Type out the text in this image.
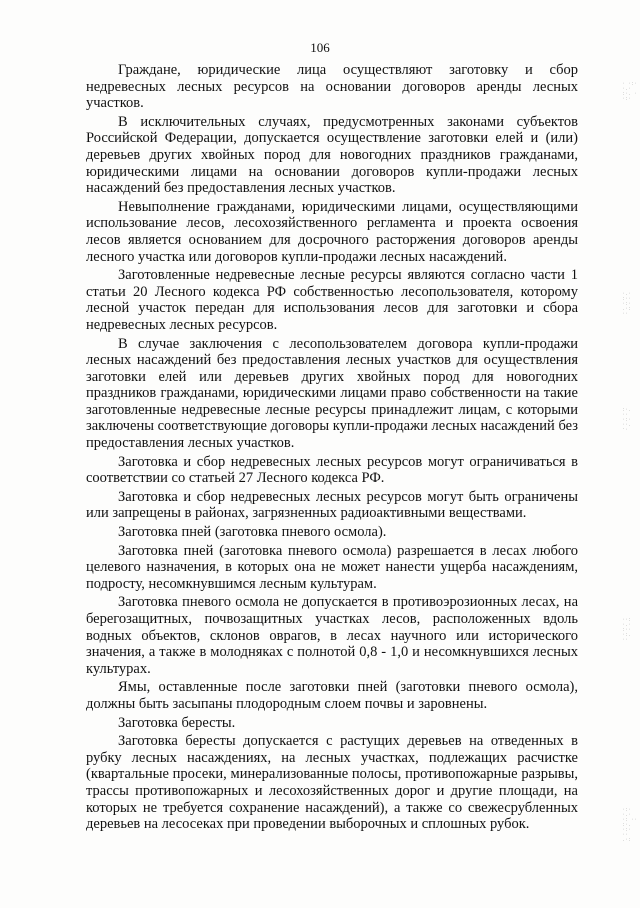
106

Граждане, юридические лица осуществляют заготовку и сбор недревесных лесных ресурсов на основании договоров аренды лесных участков.

В исключительных случаях, предусмотренных законами субъектов Российской Федерации, допускается осуществление заготовки елей и (или) деревьев других хвойных пород для новогодних праздников гражданами, юридическими лицами на основании договоров купли-продажи лесных насаждений без предоставления лесных участков.

Невыполнение гражданами, юридическими лицами, осуществляющими использование лесов, лесохозяйственного регламента и проекта освоения лесов является основанием для досрочного расторжения договоров аренды лесного участка или договоров купли-продажи лесных насаждений.

Заготовленные недревесные лесные ресурсы являются согласно части 1 статьи 20 Лесного кодекса РФ собственностью лесопользователя, которому лесной участок передан для использования лесов для заготовки и сбора недревесных лесных ресурсов.

В случае заключения с лесопользователем договора купли-продажи лесных насаждений без предоставления лесных участков для осуществления заготовки елей или деревьев других хвойных пород для новогодних праздников гражданами, юридическими лицами право собственности на такие заготовленные недревесные лесные ресурсы принадлежит лицам, с которыми заключены соответствующие договоры купли-продажи лесных насаждений без предоставления лесных участков.

Заготовка и сбор недревесных лесных ресурсов могут ограничиваться в соответствии со статьей 27 Лесного кодекса РФ.

Заготовка и сбор недревесных лесных ресурсов могут быть ограничены или запрещены в районах, загрязненных радиоактивными веществами.

Заготовка пней (заготовка пневого осмола).

Заготовка пней (заготовка пневого осмола) разрешается в лесах любого целевого назначения, в которых она не может нанести ущерба насаждениям, подросту, несомкнувшимся лесным культурам.

Заготовка пневого осмола не допускается в противоэрозионных лесах, на берегозащитных, почвозащитных участках лесов, расположенных вдоль водных объектов, склонов оврагов, в лесах научного или исторического значения, а также в молодняках с полнотой 0,8 - 1,0 и несомкнувшихся лесных культурах.

Ямы, оставленные после заготовки пней (заготовки пневого осмола), должны быть засыпаны плодородным слоем почвы и заровнены.

Заготовка бересты.

Заготовка бересты допускается с растущих деревьев на отведенных в рубку лесных насаждениях, на лесных участках, подлежащих расчистке (квартальные просеки, минерализованные полосы, противопожарные разрывы, трассы противопожарных и лесохозяйственных дорог и другие площади, на которых не требуется сохранение насаждений), а также со свежесрубленных деревьев на лесосеках при проведении выборочных и сплошных рубок.

· ·:· ·.· :·. · ·:·
·.· :·· ·:· .·: ··
:·. ·· ·:· ··. :·
··: ·.· :·· ·:. ··
·:· ·.· ·: ·· :·. ·:· ·· .·:
